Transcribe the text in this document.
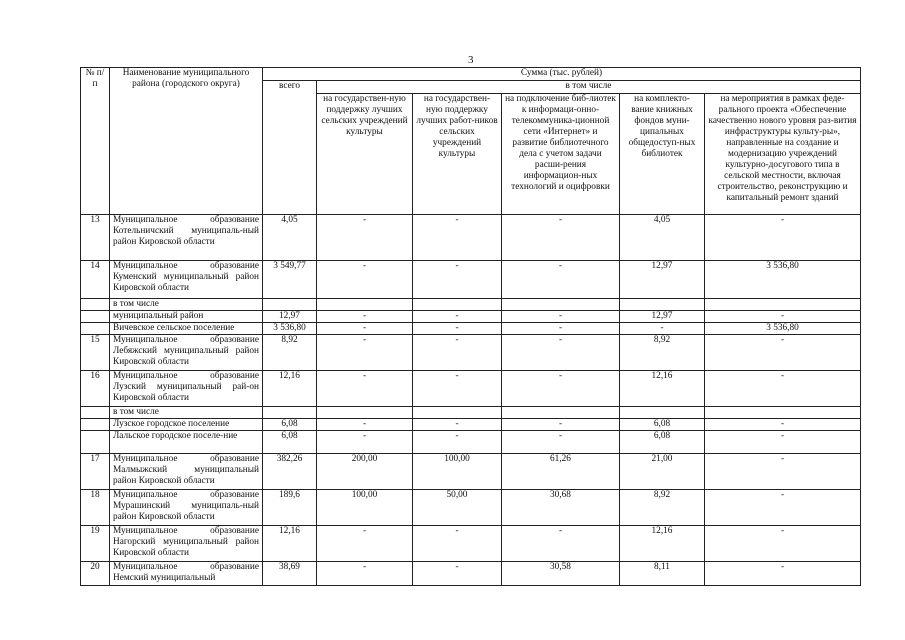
3
№ п/п	Наименование муниципального района (городского округа)	Сумма (тыс. рублей)					
		всего	в том числе				
			на государствен-ную поддержку лучших сельских учреждений культуры	на государствен-ную поддержку лучших работ-ников сельских учреждений культуры	на подключение биб-лиотек к информаци-онно-телекоммуника-ционной сети «Интернет» и развитие библиотечного дела с учетом задачи расши-рения информацион-ных технологий и оцифровки	на комплекто-вание книжных фондов муни-ципальных общедоступ-ных библиотек	на мероприятия в рамках феде-рального проекта «Обеспечение качественно нового уровня раз-вития инфраструктуры культу-ры», направленные на создание и модернизацию учреждений культурно-досугового типа в сельской местности, включая строительство, реконструкцию и капитальный ремонт зданий
13	Муниципальное образование Котельничский муниципаль-ный район Кировской области	4,05	-	-	-	4,05	-
14	Муниципальное образование Куменский муниципальный район Кировской области	3 549,77	-	-	-	12,97	3 536,80
	в том числе						
	муниципальный район	12,97	-	-	-	12,97	-
	Вичевское сельское поселение	3 536,80	-	-	-	-	3 536,80
15	Муниципальное образование Лебяжский муниципальный район Кировской области	8,92	-	-	-	8,92	-
16	Муниципальное образование Лузский муниципальный рай-он Кировской области	12,16	-	-	-	12,16	-
	в том числе						
	Лузское городское поселение	6,08	-	-	-	6,08	-
	Лальское городское поселе-ние	6,08	-	-	-	6,08	-
17	Муниципальное образование Малмыжский муниципальный район Кировской области	382,26	200,00	100,00	61,26	21,00	-
18	Муниципальное образование Мурашинский муниципаль-ный район Кировской области	189,6	100,00	50,00	30,68	8,92	-
19	Муниципальное образование Нагорский муниципальный район Кировской области	12,16	-	-	-	12,16	-
20	Муниципальное образование Немский муниципальный	38,69	-	-	30,58	8,11	-
